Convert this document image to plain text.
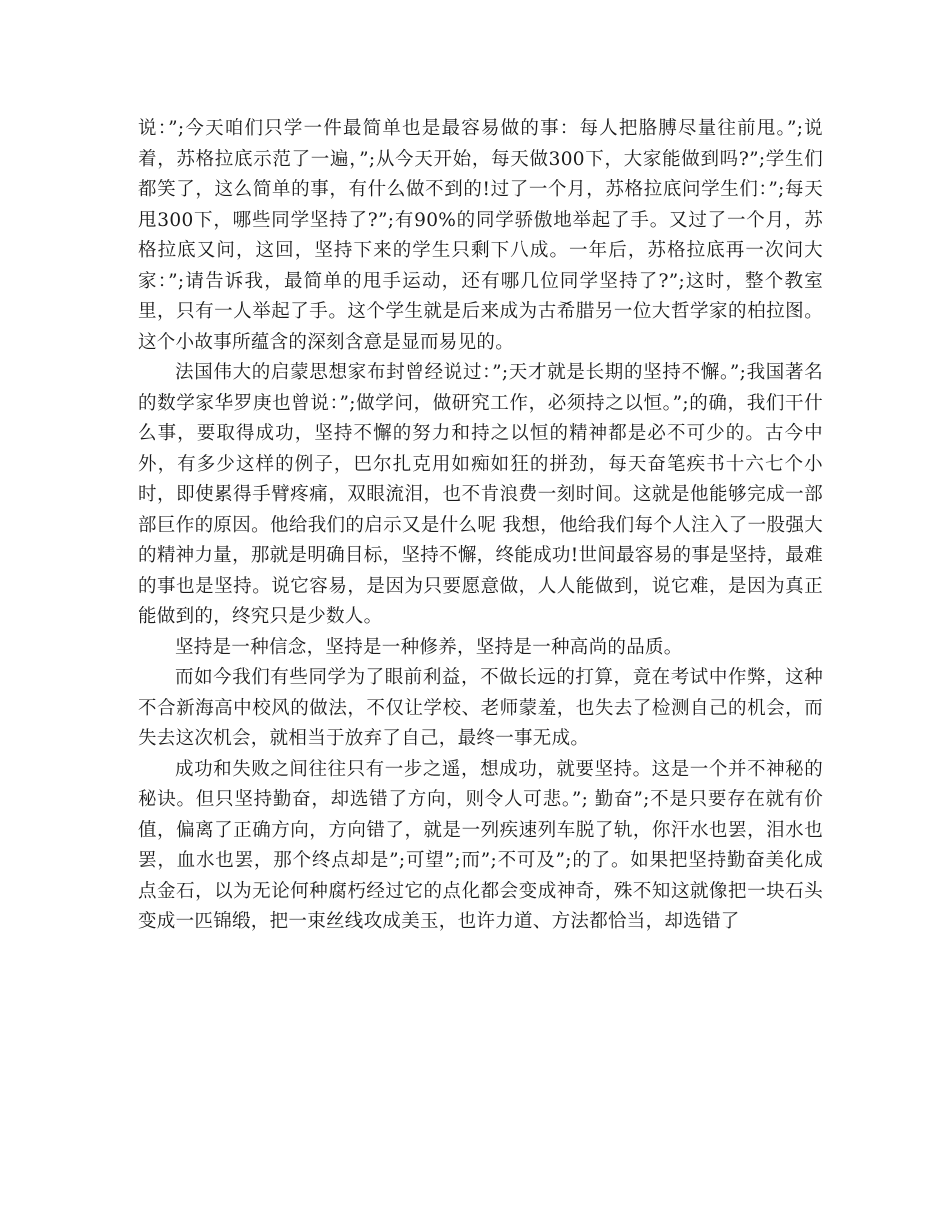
说：”;今天咱们只学一件最简单也是最容易做的事：每人把胳膊尽量往前甩。”;说着，苏格拉底示范了一遍，”;从今天开始，每天做300下，大家能做到吗?”;学生们都笑了，这么简单的事，有什么做不到的!过了一个月，苏格拉底问学生们：”;每天甩300下，哪些同学坚持了?”;有90%的同学骄傲地举起了手。又过了一个月，苏格拉底又问，这回，坚持下来的学生只剩下八成。一年后，苏格拉底再一次问大家：”;请告诉我，最简单的甩手运动，还有哪几位同学坚持了?”;这时，整个教室里，只有一人举起了手。这个学生就是后来成为古希腊另一位大哲学家的柏拉图。这个小故事所蕴含的深刻含意是显而易见的。

法国伟大的启蒙思想家布封曾经说过：”;天才就是长期的坚持不懈。”;我国著名的数学家华罗庚也曾说：”;做学问，做研究工作，必须持之以恒。”;的确，我们干什么事，要取得成功，坚持不懈的努力和持之以恒的精神都是必不可少的。古今中外，有多少这样的例子，巴尔扎克用如痴如狂的拼劲，每天奋笔疾书十六七个小时，即使累得手臂疼痛，双眼流泪，也不肯浪费一刻时间。这就是他能够完成一部部巨作的原因。他给我们的启示又是什么呢 我想，他给我们每个人注入了一股强大的精神力量，那就是明确目标，坚持不懈，终能成功!世间最容易的事是坚持，最难的事也是坚持。说它容易，是因为只要愿意做，人人能做到，说它难，是因为真正能做到的，终究只是少数人。

坚持是一种信念，坚持是一种修养，坚持是一种高尚的品质。

而如今我们有些同学为了眼前利益，不做长远的打算，竟在考试中作弊，这种不合新海高中校风的做法，不仅让学校、老师蒙羞，也失去了检测自己的机会，而失去这次机会，就相当于放弃了自己，最终一事无成。

成功和失败之间往往只有一步之遥，想成功，就要坚持。这是一个并不神秘的秘诀。但只坚持勤奋，却选错了方向，则令人可悲。”; 勤奋”;不是只要存在就有价值，偏离了正确方向，方向错了，就是一列疾速列车脱了轨，你汗水也罢，泪水也罢，血水也罢，那个终点却是”;可望”;而”;不可及”;的了。如果把坚持勤奋美化成点金石，以为无论何种腐朽经过它的点化都会变成神奇，殊不知这就像把一块石头变成一匹锦缎，把一束丝线攻成美玉，也许力道、方法都恰当，却选错了
